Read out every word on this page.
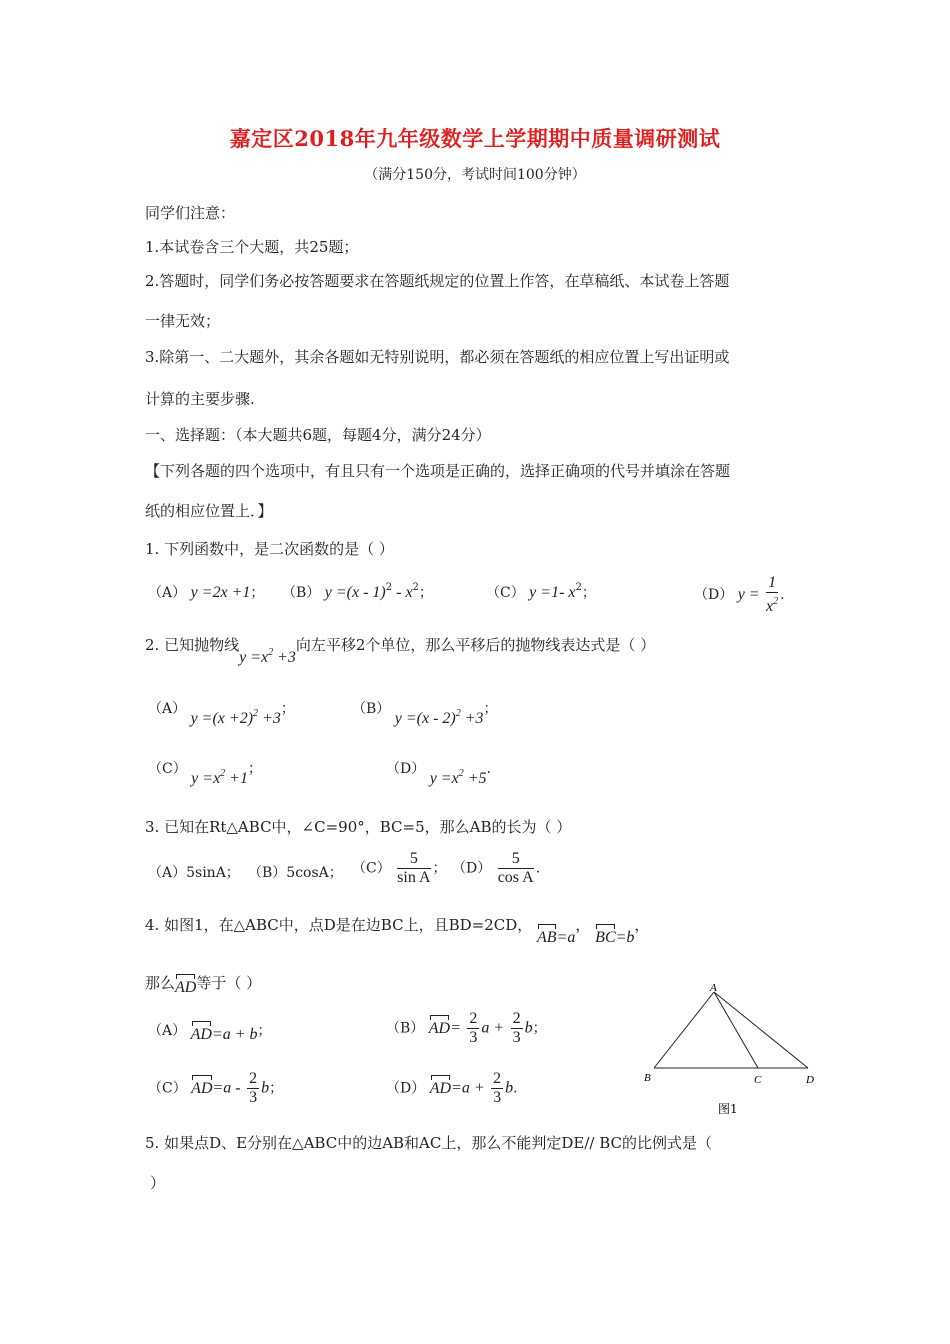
嘉定区2018年九年级数学上学期期中质量调研测试
（满分150分，考试时间100分钟）
同学们注意：
1.本试卷含三个大题，共25题；
2.答题时，同学们务必按答题要求在答题纸规定的位置上作答，在草稿纸、本试卷上答题
一律无效；
3.除第一、二大题外，其余各题如无特别说明，都必须在答题纸的相应位置上写出证明或
计算的主要步骤.
一、选择题：（本大题共6题，每题4分，满分24分）
【下列各题的四个选项中，有且只有一个选项是正确的，选择正确项的代号并填涂在答题
纸的相应位置上．】
1. 下列函数中，是二次函数的是（ ）
（A） y =2x +1； （B） $y =(x - 1)^2 - x^2$；	（C） y =1- $x^2$；	（D） $y = \frac{1}{x^2}$ .
2. 已知抛物线$y =x^2 +3$向左平移2个单位，那么平移后的抛物线表达式是（ ）
（A） $y =(x +2)^2 +3$；	（B） y =(x - 2)$^2$ +3；
（C） $y =x^2 +1$；	（D） $y =x^2 +5$.
3. 已知在Rt△ABC中，∠C=90°，BC=5，那么AB的长为（ ）
（A）5sinA； （B）5cosA； $(C) \frac{5}{\text{sin A}}$ ； $(D) \frac{5}{\text{cos A}}$ .
4. 如图1，在△ABC中，点D是在边BC上，且BD=2CD， AB=a， BC=b，
那么AD等于（ ）
（A） AD=a + b；	（B） $AD= \frac{2}{3}$ $a + \frac{2}{3}$ b；
（C） $AD=a - \frac{2}{3}$ b；	（D） $AD=a + \frac{2}{3} b$.
A
B	C	D
图1
5. 如果点D、E分别在△ABC中的边AB和AC上，那么不能判定DE// BC的比例式是（
）
